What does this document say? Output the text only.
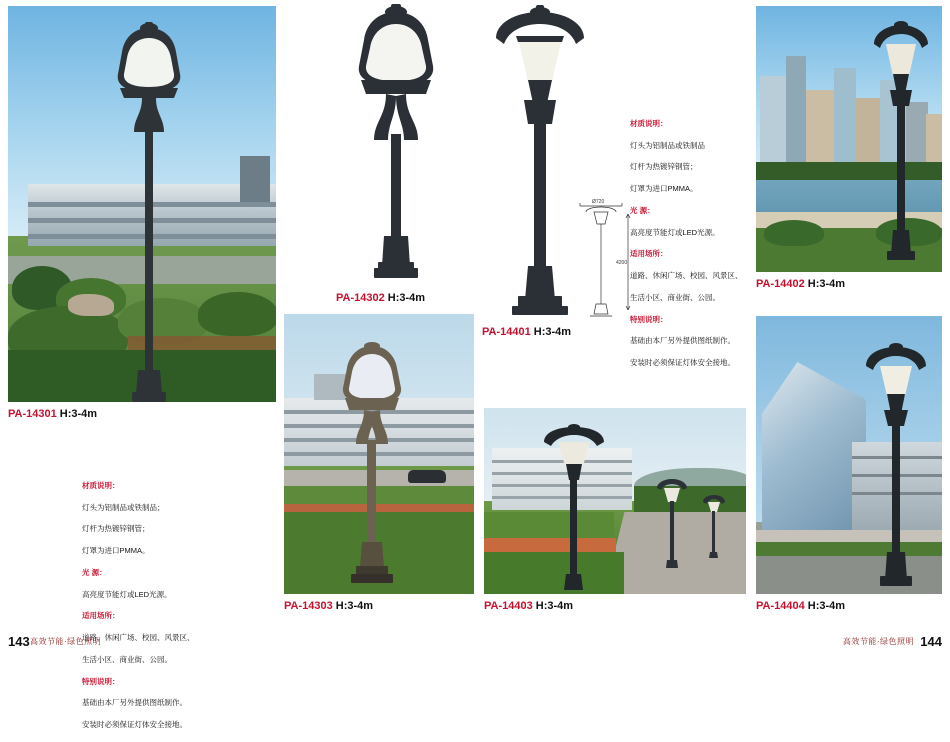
PA-14301 H:3-4m

材质说明：

灯头为铝制品或铁制品；

灯杆为热镀锌钢管；

灯罩为进口PMMA。

光 源：

高亮度节能灯或LED光源。

适用场所：

道路、休闲广场、校园、风景区、

生活小区、商业街、公园。

特别说明：

基础由本厂另外提供图纸制作。

安装时必须保证灯体安全接地。

PA-14302 H:3-4m
PA-14401 H:3-4m
Ø720
4200

材质说明：

灯头为铝制品或铁制品

灯杆为热镀锌钢管；

灯罩为进口PMMA。

光 源：

高亮度节能灯或LED光源。

适用场所：

道路、休闲广场、校园、风景区、

生活小区、商业街、公园。

特别说明：

基础由本厂另外提供图纸制作。

安装时必须保证灯体安全接地。

PA-14402 H:3-4m
PA-14303 H:3-4m	PA-14403 H:3-4m	PA-14404 H:3-4m
143 高效节能·绿色照明	高效节能·绿色照明 144
